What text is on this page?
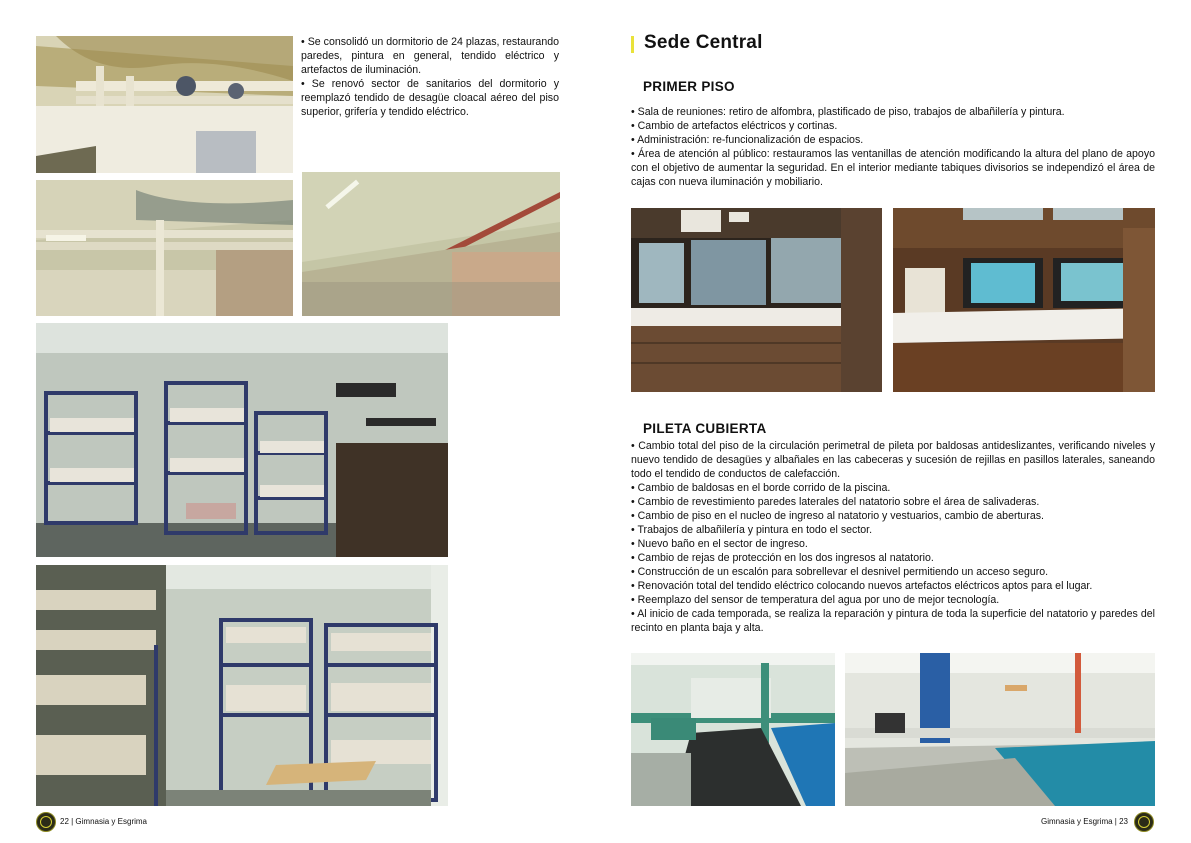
• Se consolidó un dormitorio de 24 plazas, restaurando paredes, pintura en general, tendido eléctrico y artefactos de iluminación.
• Se renovó sector de sanitarios del dormitorio y reemplazó tendido de desagüe cloacal aéreo del piso superior, grifería y tendido eléctrico.
22 | Gimnasia y Esgrima
Sede Central
PRIMER PISO
• Sala de reuniones: retiro de alfombra, plastificado de piso, trabajos de albañilería y pintura.
• Cambio de artefactos eléctricos y cortinas.
• Administración: re-funcionalización de espacios.
• Área de atención al público: restauramos las ventanillas de atención modificando la altura del plano de apoyo con el objetivo de aumentar la seguridad. En el interior mediante tabiques divisorios se independizó el área de cajas con nueva iluminación y mobiliario.
PILETA CUBIERTA
• Cambio total del piso de la circulación perimetral de pileta por baldosas antideslizantes, verificando niveles y nuevo tendido de desagües y albañales en las cabeceras y sucesión de rejillas en pasillos laterales, saneando todo el tendido de conductos de calefacción.
• Cambio de baldosas en el borde corrido de la piscina.
• Cambio de revestimiento paredes laterales del natatorio sobre el área de salivaderas.
• Cambio de piso en el nucleo de ingreso al natatorio y vestuarios, cambio de aberturas.
• Trabajos de albañilería y pintura en todo el sector.
• Nuevo baño en el sector de ingreso.
• Cambio de rejas de protección en los dos ingresos al natatorio.
• Construcción de un escalón para sobrellevar el desnivel permitiendo un acceso seguro.
• Renovación total del tendido eléctrico colocando nuevos artefactos eléctricos aptos para el lugar.
• Reemplazo del sensor de temperatura del agua por uno de mejor tecnología.
• Al inicio de cada temporada, se realiza la reparación y pintura de toda la superficie del natatorio y paredes del recinto en planta baja y alta.
Gimnasia y Esgrima | 23
